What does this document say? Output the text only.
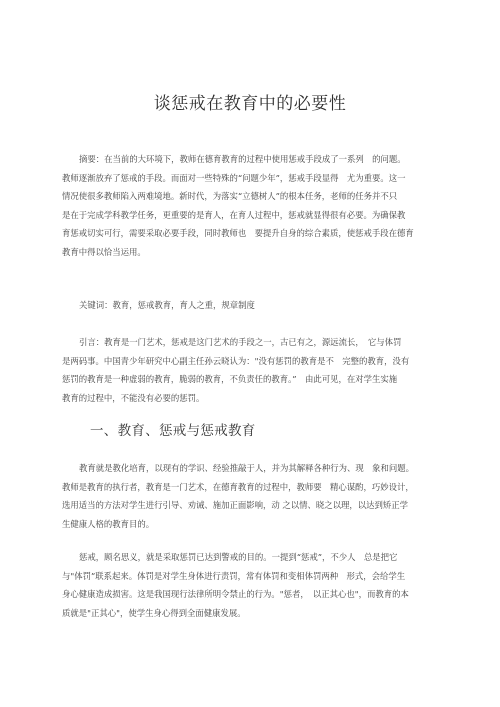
谈惩戒在教育中的必要性
摘要：在当前的大环境下，教师在德育教育的过程中使用惩戒手段成了一系列　的问题。
教师逐渐放弃了惩戒的手段。而面对一些特殊的“问题少年”，惩戒手段显得　尤为重要。这一
情况使很多教师陷入两难境地。新时代，为落实“立德树人”的根本任务，老师的任务并不只
是在于完成学科教学任务，更重要的是育人，在育人过程中，惩戒就显得很有必要。为确保教
育惩戒切实可行，需要采取必要手段，同时教师也　要提升自身的综合素质，使惩戒手段在德育
教育中得以恰当运用。
关键词：教育，惩戒教育，育人之重，规章制度
引言：教育是一门艺术，惩戒是这门艺术的手段之一，古已有之，源远流长，　它与体罚
是两码事。中国青少年研究中心副主任孙云晓认为："没有惩罚的教育是不　完整的教育，没有
惩罚的教育是一种虚弱的教育，脆弱的教育，不负责任的教育。”　由此可见，在对学生实施
教育的过程中，不能没有必要的惩罚。
一、教育、惩戒与惩戒教育
教育就是教化培育，以现有的学识、经验推敲于人，并为其解释各种行为、现　象和问题。
教师是教育的执行者，教育是一门艺术，在德育教育的过程中，教师要　精心谋酌，巧妙设计，
选用适当的方法对学生进行引导、劝诫、施加正面影响，动 之以情、晓之以理，以达到矫正学
生健康人格的教育目的。
惩戒，顾名思义，就是采取惩罚已达到警戒的目的。一提到“惩戒”，不少人　总是把它
与"体罚”联系起来。体罚是对学生身体进行责罚，常有体罚和变相体罚两种　形式，会给学生
身心健康造成损害。这是我国现行法律所明令禁止的行为。"惩者，　以正其心也"，而教育的本
质就是"正其心"，使学生身心得到全面健康发展。
